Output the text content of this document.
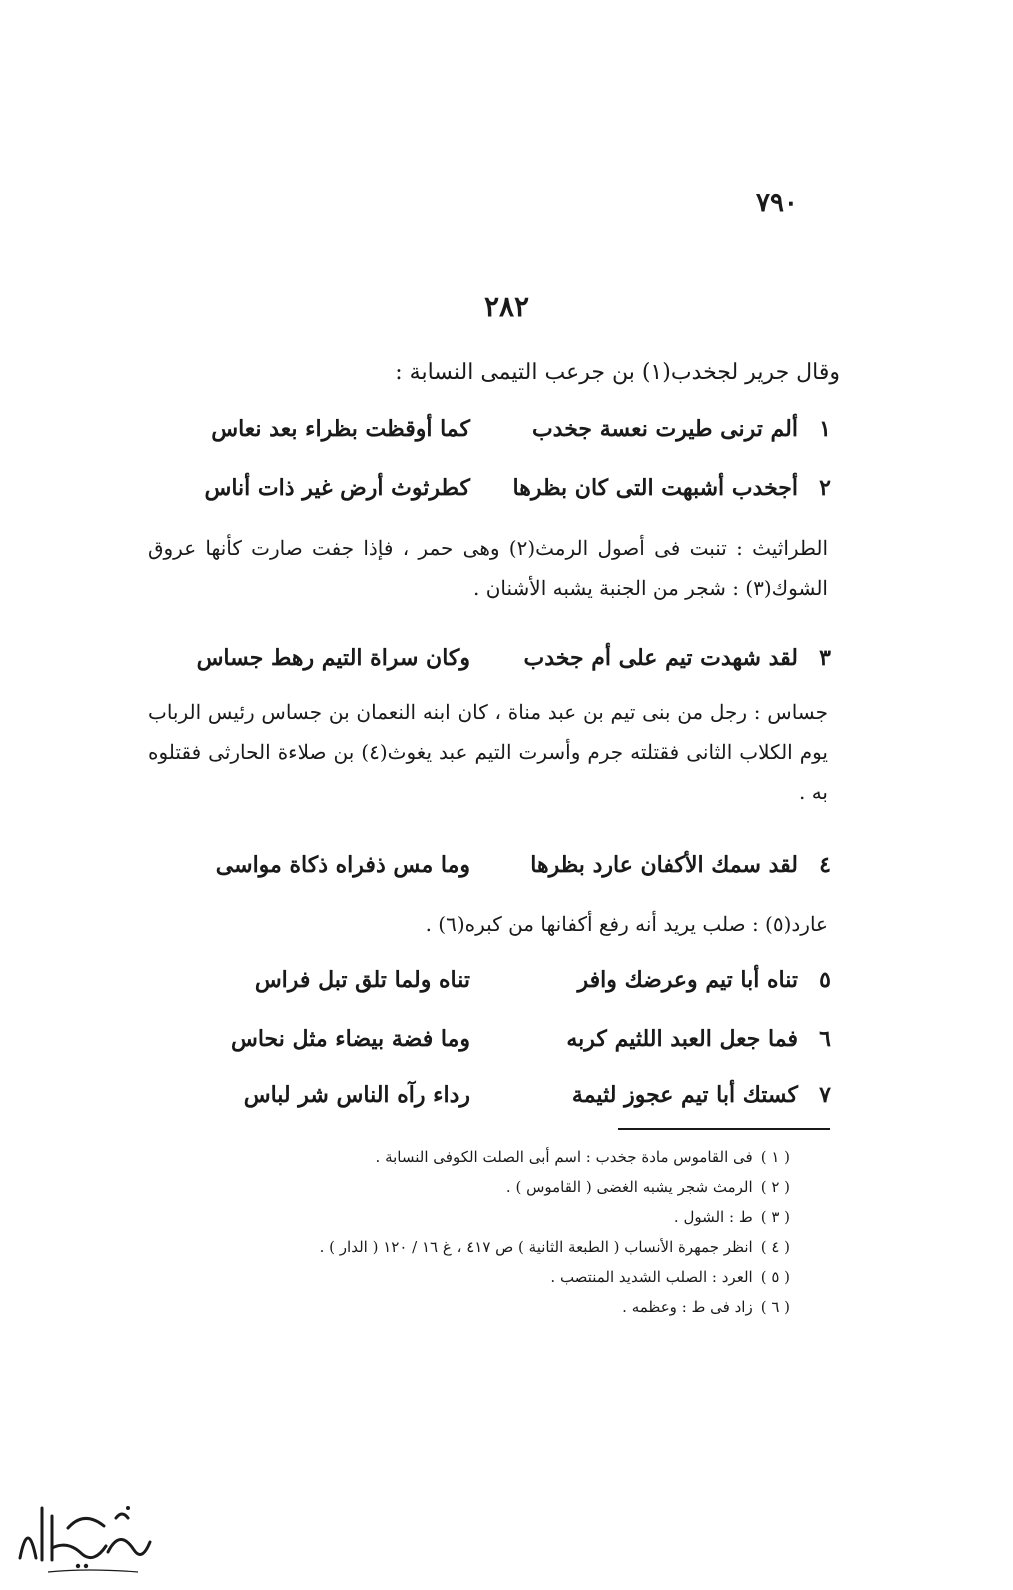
٧٩٠
٢٨٢
وقال جرير لجخدب(١) بن جرعب التيمى النسابة :
١
ألم ترنى طيرت نعسة جخدب
كما أوقظت بظراء بعد نعاس
٢
أجخدب أشبهت التى كان بظرها
كطرثوث أرض غير ذات أناس
الطراثيث : تنبت فى أصول الرمث(٢) وهى حمر ، فإذا جفت صارت كأنها عروق الشوك(٣) : شجر من الجنبة يشبه الأشنان .
٣
لقد شهدت تيم على أم جخدب
وكان سراة التيم رهط جساس
جساس : رجل من بنى تيم بن عبد مناة ، كان ابنه النعمان بن جساس رئيس الرباب يوم الكلاب الثانى فقتلته جرم وأسرت التيم عبد يغوث(٤) بن صلاءة الحارثى فقتلوه به .
٤
لقد سمك الأكفان عارد بظرها
وما مس ذفراه ذكاة مواسى
عارد(٥) : صلب يريد أنه رفع أكفانها من كبره(٦) .
٥
تناه أبا تيم وعرضك وافر
تناه ولما تلق تبل فراس
٦
فما جعل العبد اللثيم كربه
وما فضة بيضاء مثل نحاس
٧
كستك أبا تيم عجوز لثيمة
رداء رآه الناس شر لباس
( ١ )
فى القاموس مادة جخدب : اسم أبى الصلت الكوفى النسابة .
( ٢ )
الرمث شجر يشبه الغضى ( القاموس ) .
( ٣ )
ط : الشول .
( ٤ )
انظر جمهرة الأنساب ( الطبعة الثانية ) ص ٤١٧ ، غ ١٦ / ١٢٠ ( الدار ) .
( ٥ )
العرد : الصلب الشديد المنتصب .
( ٦ )
زاد فى ط : وعظمه .
